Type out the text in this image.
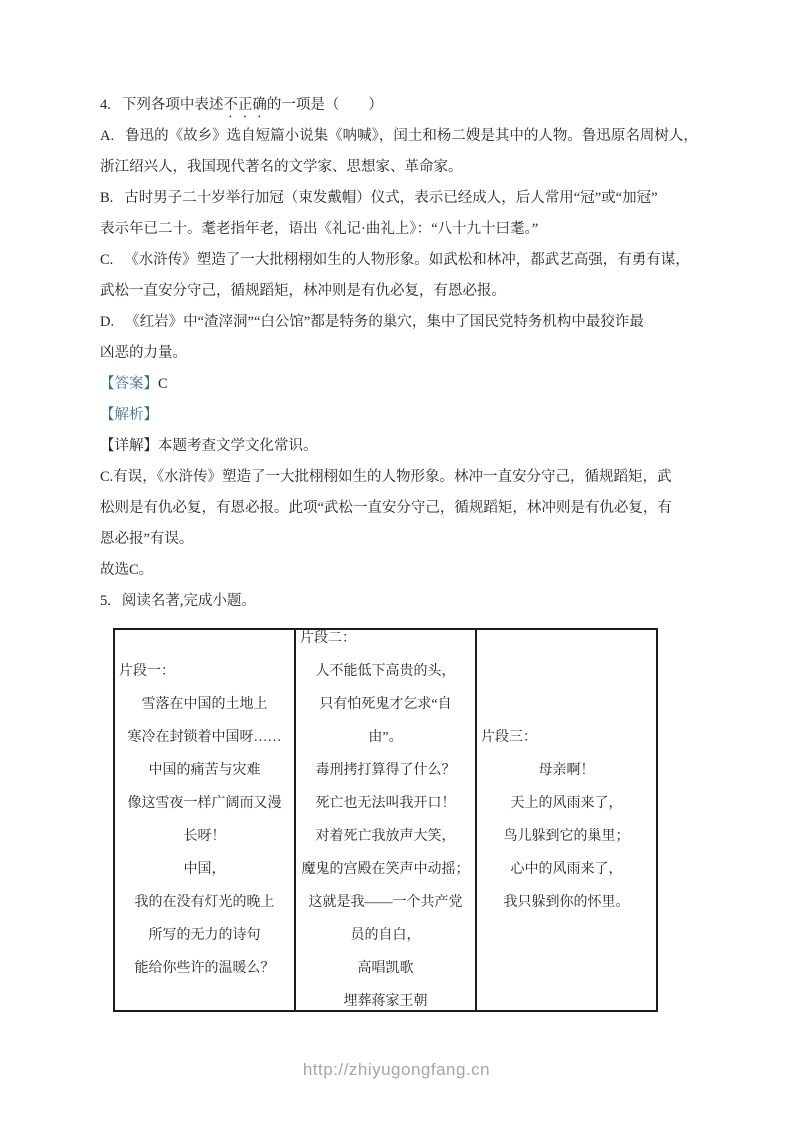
4. 下列各项中表述不正确的一项是（　　）

A. 鲁迅的《故乡》选自短篇小说集《呐喊》，闰土和杨二嫂是其中的人物。鲁迅原名周树人，

浙江绍兴人，我国现代著名的文学家、思想家、革命家。

B. 古时男子二十岁举行加冠（束发戴帽）仪式，表示已经成人，后人常用“冠”或“加冠”

表示年已二十。耄老指年老，语出《礼记·曲礼上》：“八十九十曰耄。”

C. 《水浒传》塑造了一大批栩栩如生的人物形象。如武松和林冲，都武艺高强，有勇有谋，

武松一直安分守己，循规蹈矩，林冲则是有仇必复，有恩必报。

D. 《红岩》中“渣滓洞”“白公馆”都是特务的巢穴，集中了国民党特务机构中最狡诈最

凶恶的力量。

【答案】C

【解析】

【详解】本题考查文学文化常识。

C.有误，《水浒传》塑造了一大批栩栩如生的人物形象。林冲一直安分守己，循规蹈矩，武

松则是有仇必复，有恩必报。此项“武松一直安分守己，循规蹈矩，林冲则是有仇必复，有

恩必报”有误。

故选C。

5. 阅读名著,完成小题。

片段一：
雪落在中国的土地上
寒冷在封锁着中国呀……
中国的痛苦与灾难
像这雪夜一样广阔而又漫
长呀！
中国，
我的在没有灯光的晚上
所写的无力的诗句
能给你些许的温暖么？
片段二：
人不能低下高贵的头，
只有怕死鬼才乞求“自
由”。
毒刑拷打算得了什么？
死亡也无法叫我开口！
对着死亡我放声大笑，
魔鬼的宫殿在笑声中动摇；
这就是我——一个共产党
员的自白，
高唱凯歌
埋葬蒋家王朝
片段三：
母亲啊！
天上的风雨来了，
鸟儿躲到它的巢里；
心中的风雨来了，
我只躲到你的怀里。
http://zhiyugongfang.cn
